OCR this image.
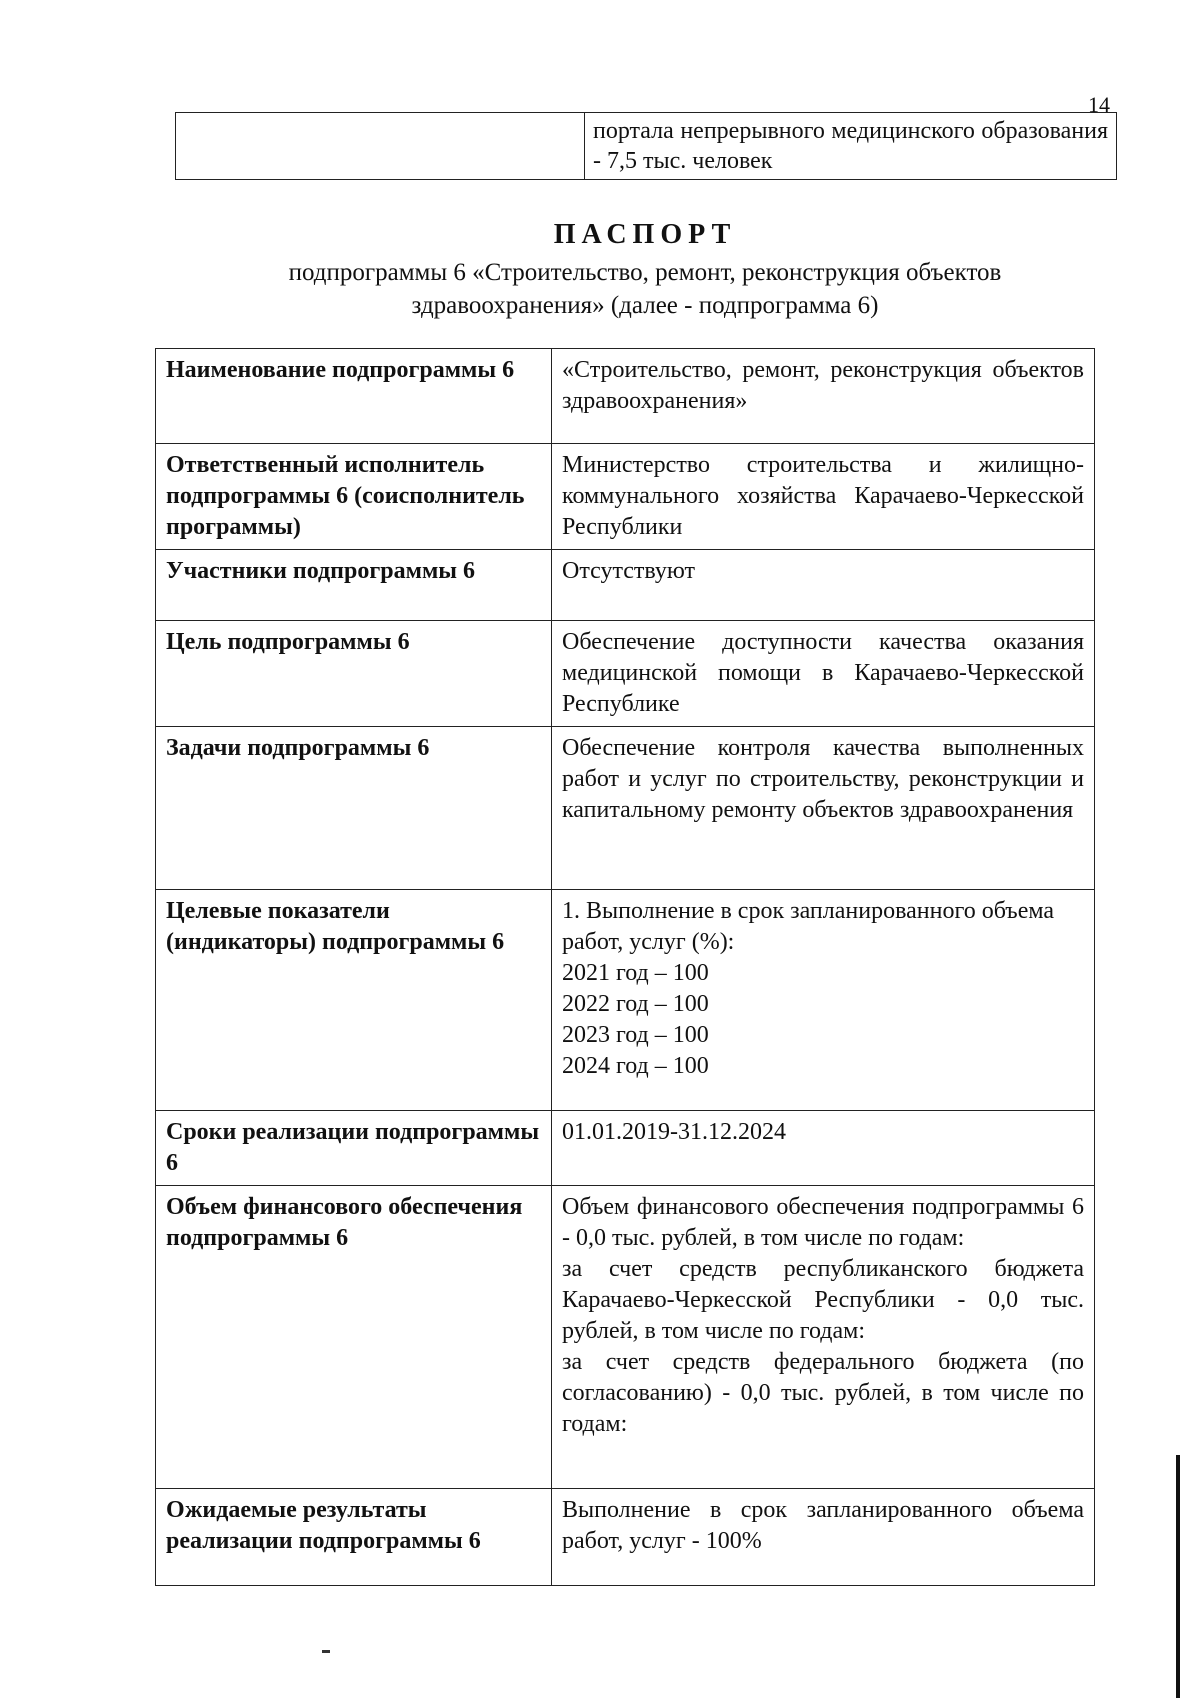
14
	портала непрерывного медицинского образования - 7,5 тыс. человек
ПАСПОРТ
подпрограммы 6 «Строительство, ремонт, реконструкция объектов здравоохранения» (далее - подпрограмма 6)
Наименование подпрограммы 6	«Строительство, ремонт, реконструкция объектов здравоохранения»
Ответственный исполнитель подпрограммы 6 (соисполнитель программы)	Министерство строительства и жилищно-коммунального хозяйства Карачаево-Черкесской Республики
Участники подпрограммы 6	Отсутствуют
Цель подпрограммы 6	Обеспечение доступности качества оказания медицинской помощи в Карачаево-Черкесской Республике
Задачи подпрограммы 6	Обеспечение контроля качества выполненных работ и услуг по строительству, реконструкции и капитальному ремонту объектов здравоохранения
Целевые показатели (индикаторы) подпрограммы 6	1. Выполнение в срок запланированного объема работ, услуг (%):
2021 год – 100
2022 год – 100
2023 год – 100
2024 год – 100

Сроки реализации подпрограммы 6	01.01.2019-31.12.2024
Объем финансового обеспечения подпрограммы 6	Объем финансового обеспечения подпрограммы 6 - 0,0 тыс. рублей, в том числе по годам:
за счет средств республиканского бюджета Карачаево-Черкесской Республики - 0,0 тыс. рублей, в том числе по годам:
за счет средств федерального бюджета (по согласованию) - 0,0 тыс. рублей, в том числе по годам:

Ожидаемые результаты реализации подпрограммы 6	Выполнение в срок запланированного объема работ, услуг - 100%
